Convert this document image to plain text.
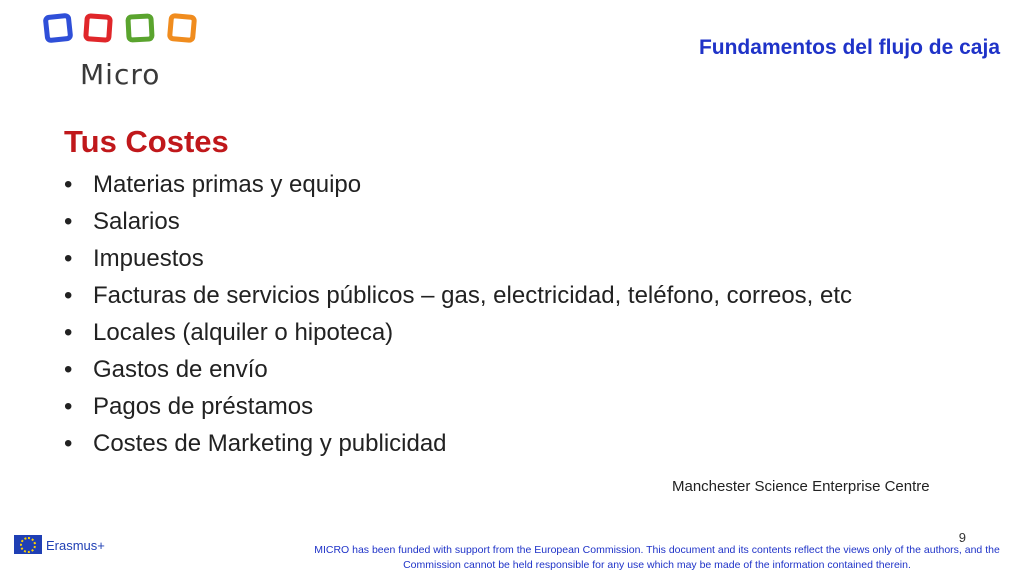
Micro
Fundamentos del flujo de caja
Tus Costes
• Materias primas y equipo
• Salarios
• Impuestos
• Facturas de servicios públicos – gas, electricidad, teléfono, correos, etc
• Locales (alquiler o hipoteca)
• Gastos de envío
• Pagos de préstamos
• Costes de Marketing y publicidad
Manchester Science Enterprise Centre
9
Erasmus+	MICRO has been funded with support from the European Commission. This document and its contents reflect the views only of the authors, and the Commission cannot be held responsible for any use which may be made of the information contained therein.
